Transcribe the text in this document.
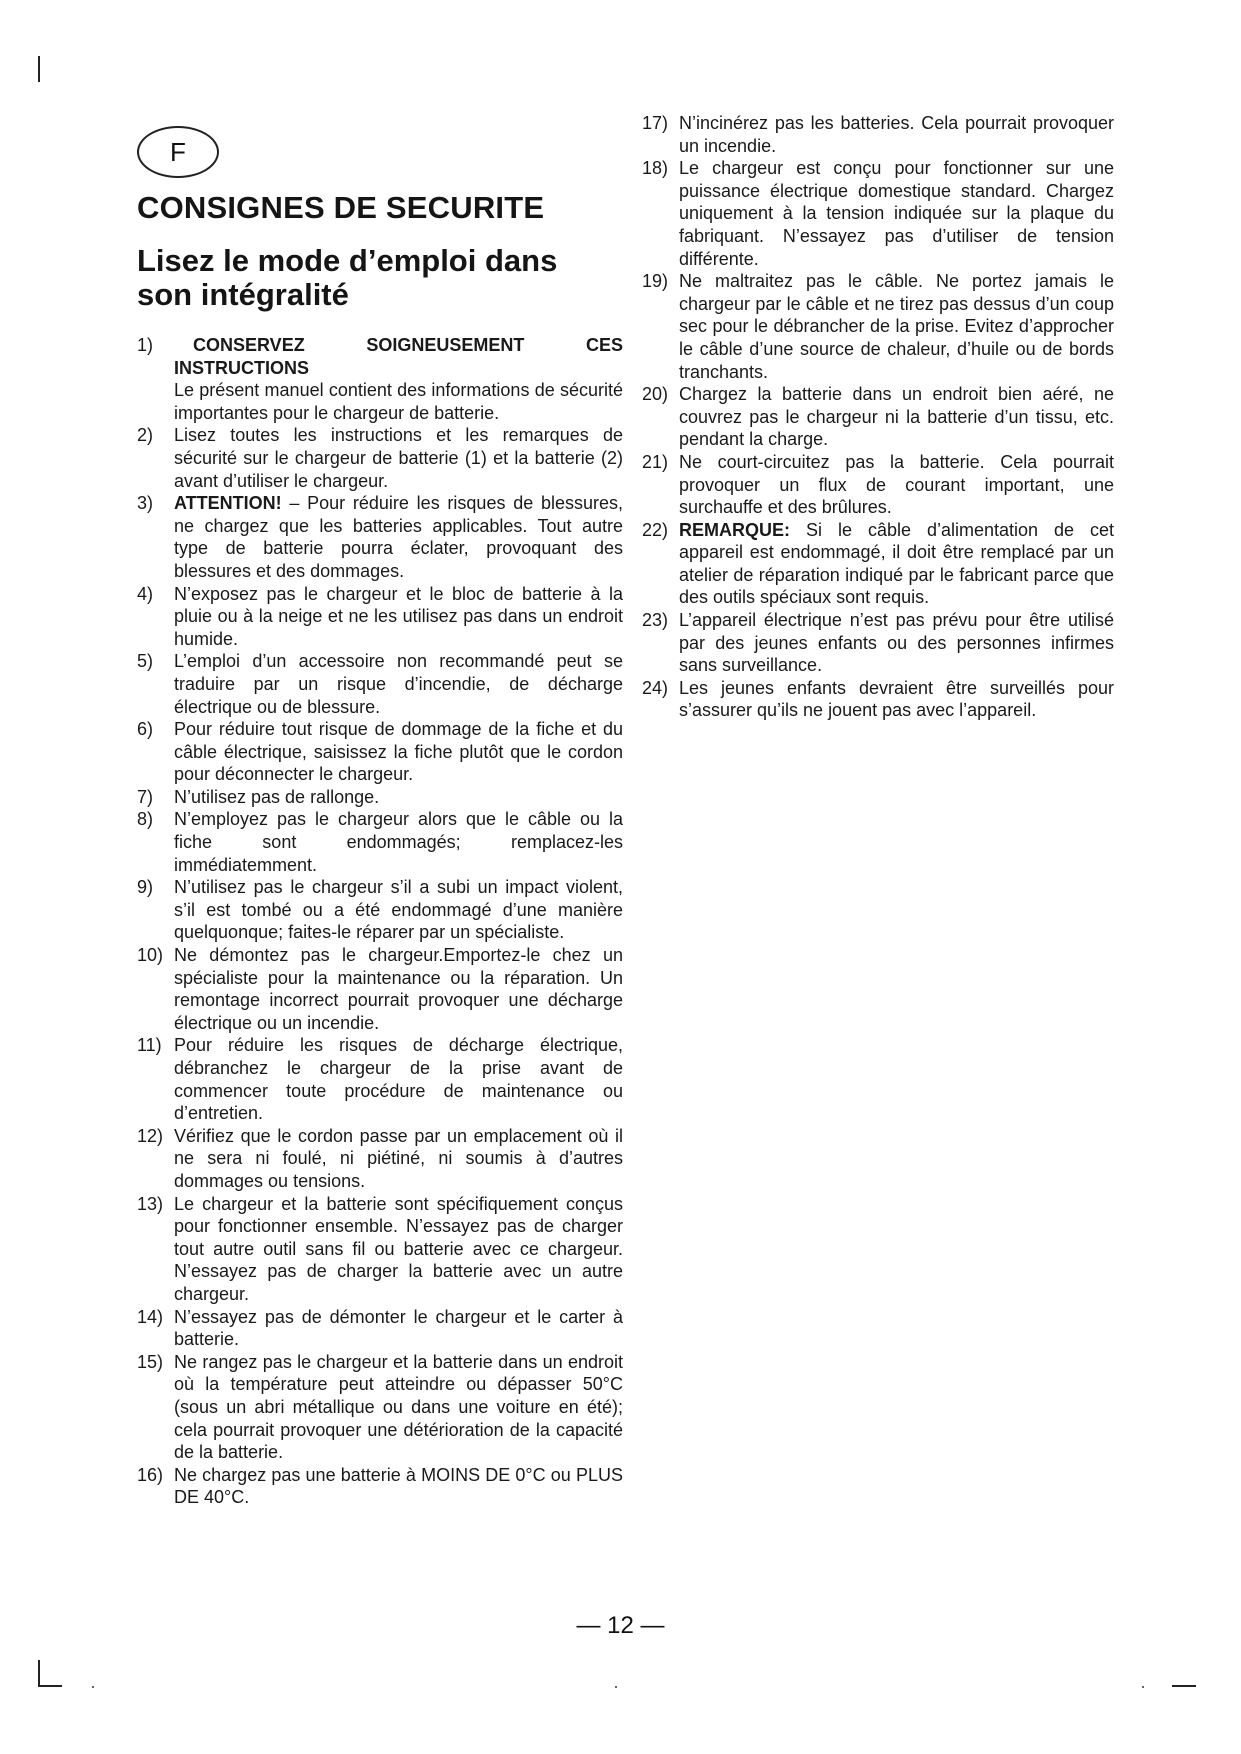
F
CONSIGNES DE SECURITE
Lisez le mode d’emploi dans son intégralité
1) CONSERVEZ	SOIGNEUSEMENT	CES
INSTRUCTIONS
Le présent manuel contient des informations de sécurité importantes pour le chargeur de batterie.
2) Lisez toutes les instructions et les remarques de sécurité sur le chargeur de batterie (1) et la batterie (2) avant d’utiliser le chargeur.
3) ATTENTION! – Pour réduire les risques de blessures, ne chargez que les batteries applicables. Tout autre type de batterie pourra éclater, provoquant des blessures et des dommages.
4) N’exposez pas le chargeur et le bloc de batterie à la pluie ou à la neige et ne les utilisez pas dans un endroit humide.
5) L’emploi d’un accessoire non recommandé peut se traduire par un risque d’incendie, de décharge électrique ou de blessure.
6) Pour réduire tout risque de dommage de la fiche et du câble électrique, saisissez la fiche plutôt que le cordon pour déconnecter le chargeur.
7) N’utilisez pas de rallonge.
8) N’employez pas le chargeur alors que le câble ou la fiche sont endommagés; remplacez-les immédiatemment.
9) N’utilisez pas le chargeur s’il a subi un impact violent, s’il est tombé ou a été endommagé d’une manière quelquonque; faites-le réparer par un spécialiste.
10) Ne démontez pas le chargeur.Emportez-le chez un spécialiste pour la maintenance ou la réparation. Un remontage incorrect pourrait provoquer une décharge électrique ou un incendie.
11) Pour réduire les risques de décharge électrique, débranchez le chargeur de la prise avant de commencer toute procédure de maintenance ou d’entretien.
12) Vérifiez que le cordon passe par un emplacement où il ne sera ni foulé, ni piétiné, ni soumis à d’autres dommages ou tensions.
13) Le chargeur et la batterie sont spécifiquement conçus pour fonctionner ensemble. N’essayez pas de charger tout autre outil sans fil ou batterie avec ce chargeur. N’essayez pas de charger la batterie avec un autre chargeur.
14) N’essayez pas de démonter le chargeur et le carter à batterie.
15) Ne rangez pas le chargeur et la batterie dans un endroit où la température peut atteindre ou dépasser 50°C (sous un abri métallique ou dans une voiture en été); cela pourrait provoquer une détérioration de la capacité de la batterie.
16) Ne chargez pas une batterie à MOINS DE 0°C ou PLUS DE 40°C.
17) N’incinérez pas les batteries. Cela pourrait provoquer un incendie.
18) Le chargeur est conçu pour fonctionner sur une puissance électrique domestique standard. Chargez uniquement à la tension indiquée sur la plaque du fabriquant. N’essayez pas d’utiliser de tension différente.
19) Ne maltraitez pas le câble. Ne portez jamais le chargeur par le câble et ne tirez pas dessus d’un coup sec pour le débrancher de la prise. Evitez d’approcher le câble d’une source de chaleur, d’huile ou de bords tranchants.
20) Chargez la batterie dans un endroit bien aéré, ne couvrez pas le chargeur ni la batterie d’un tissu, etc. pendant la charge.
21) Ne court-circuitez pas la batterie. Cela pourrait provoquer un flux de courant important, une surchauffe et des brûlures.
22) REMARQUE: Si le câble d’alimentation de cet appareil est endommagé, il doit être remplacé par un atelier de réparation indiqué par le fabricant parce que des outils spéciaux sont requis.
23) L’appareil électrique n’est pas prévu pour être utilisé par des jeunes enfants ou des personnes infirmes sans surveillance.
24) Les jeunes enfants devraient être surveillés pour s’assurer qu’ils ne jouent pas avec l’appareil.
— 12 —
